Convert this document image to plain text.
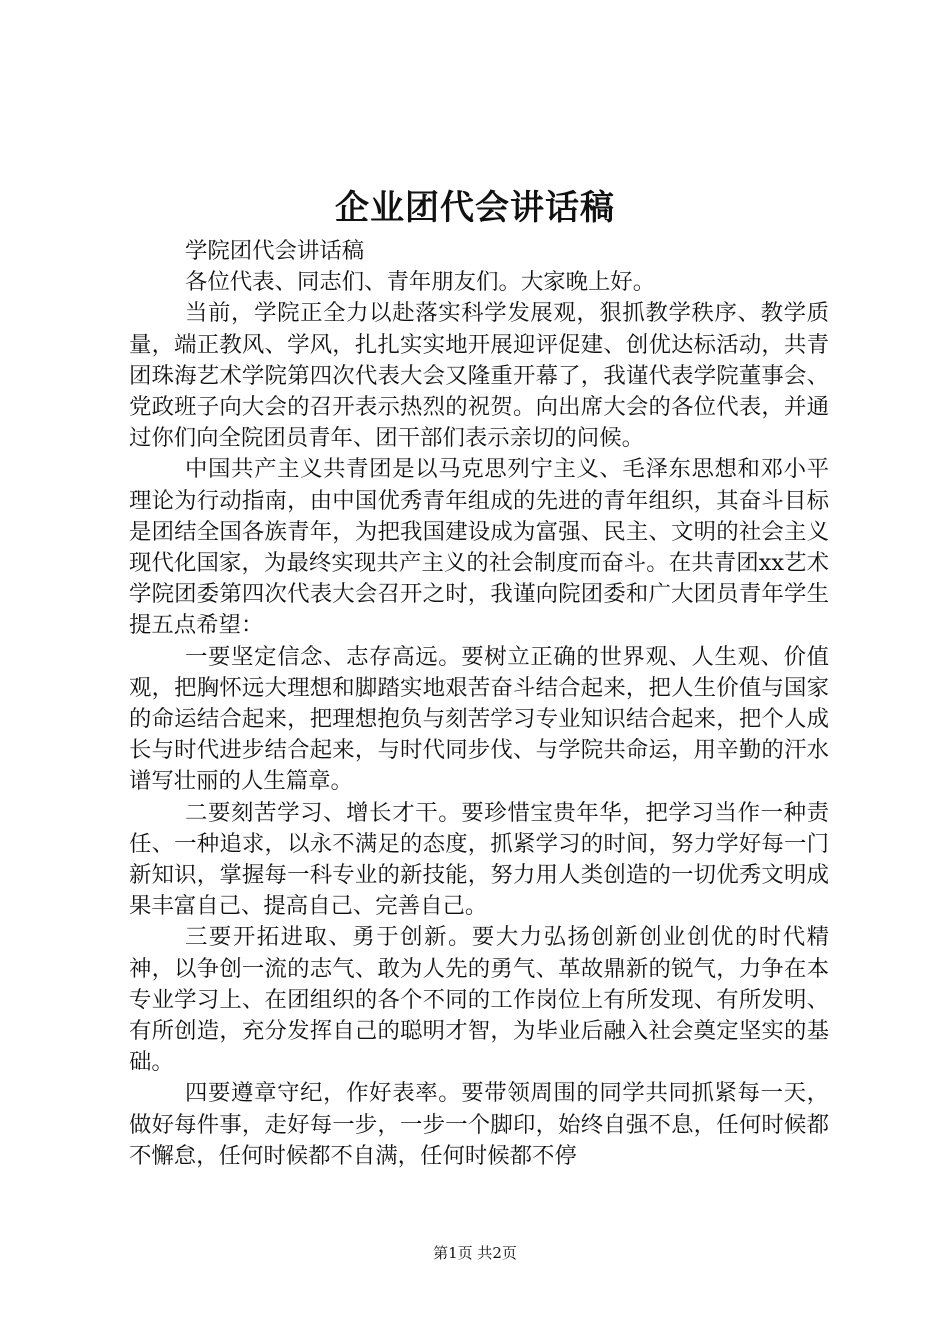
企业团代会讲话稿

学院团代会讲话稿

各位代表、同志们、青年朋友们。大家晚上好。

当前，学院正全力以赴落实科学发展观，狠抓教学秩序、教学质量，端正教风、学风，扎扎实实地开展迎评促建、创优达标活动，共青团珠海艺术学院第四次代表大会又隆重开幕了，我谨代表学院董事会、党政班子向大会的召开表示热烈的祝贺。向出席大会的各位代表，并通过你们向全院团员青年、团干部们表示亲切的问候。

中国共产主义共青团是以马克思列宁主义、毛泽东思想和邓小平理论为行动指南，由中国优秀青年组成的先进的青年组织，其奋斗目标是团结全国各族青年，为把我国建设成为富强、民主、文明的社会主义现代化国家，为最终实现共产主义的社会制度而奋斗。在共青团xx艺术学院团委第四次代表大会召开之时，我谨向院团委和广大团员青年学生提五点希望：

一要坚定信念、志存高远。要树立正确的世界观、人生观、价值观，把胸怀远大理想和脚踏实地艰苦奋斗结合起来，把人生价值与国家的命运结合起来，把理想抱负与刻苦学习专业知识结合起来，把个人成长与时代进步结合起来，与时代同步伐、与学院共命运，用辛勤的汗水谱写壮丽的人生篇章。

二要刻苦学习、增长才干。要珍惜宝贵年华，把学习当作一种责任、一种追求，以永不满足的态度，抓紧学习的时间，努力学好每一门新知识，掌握每一科专业的新技能，努力用人类创造的一切优秀文明成果丰富自己、提高自己、完善自己。

三要开拓进取、勇于创新。要大力弘扬创新创业创优的时代精神，以争创一流的志气、敢为人先的勇气、革故鼎新的锐气，力争在本专业学习上、在团组织的各个不同的工作岗位上有所发现、有所发明、有所创造，充分发挥自己的聪明才智，为毕业后融入社会奠定坚实的基础。

四要遵章守纪，作好表率。要带领周围的同学共同抓紧每一天，做好每件事，走好每一步，一步一个脚印，始终自强不息，任何时候都不懈怠，任何时候都不自满，任何时候都不停

第1页 共2页
